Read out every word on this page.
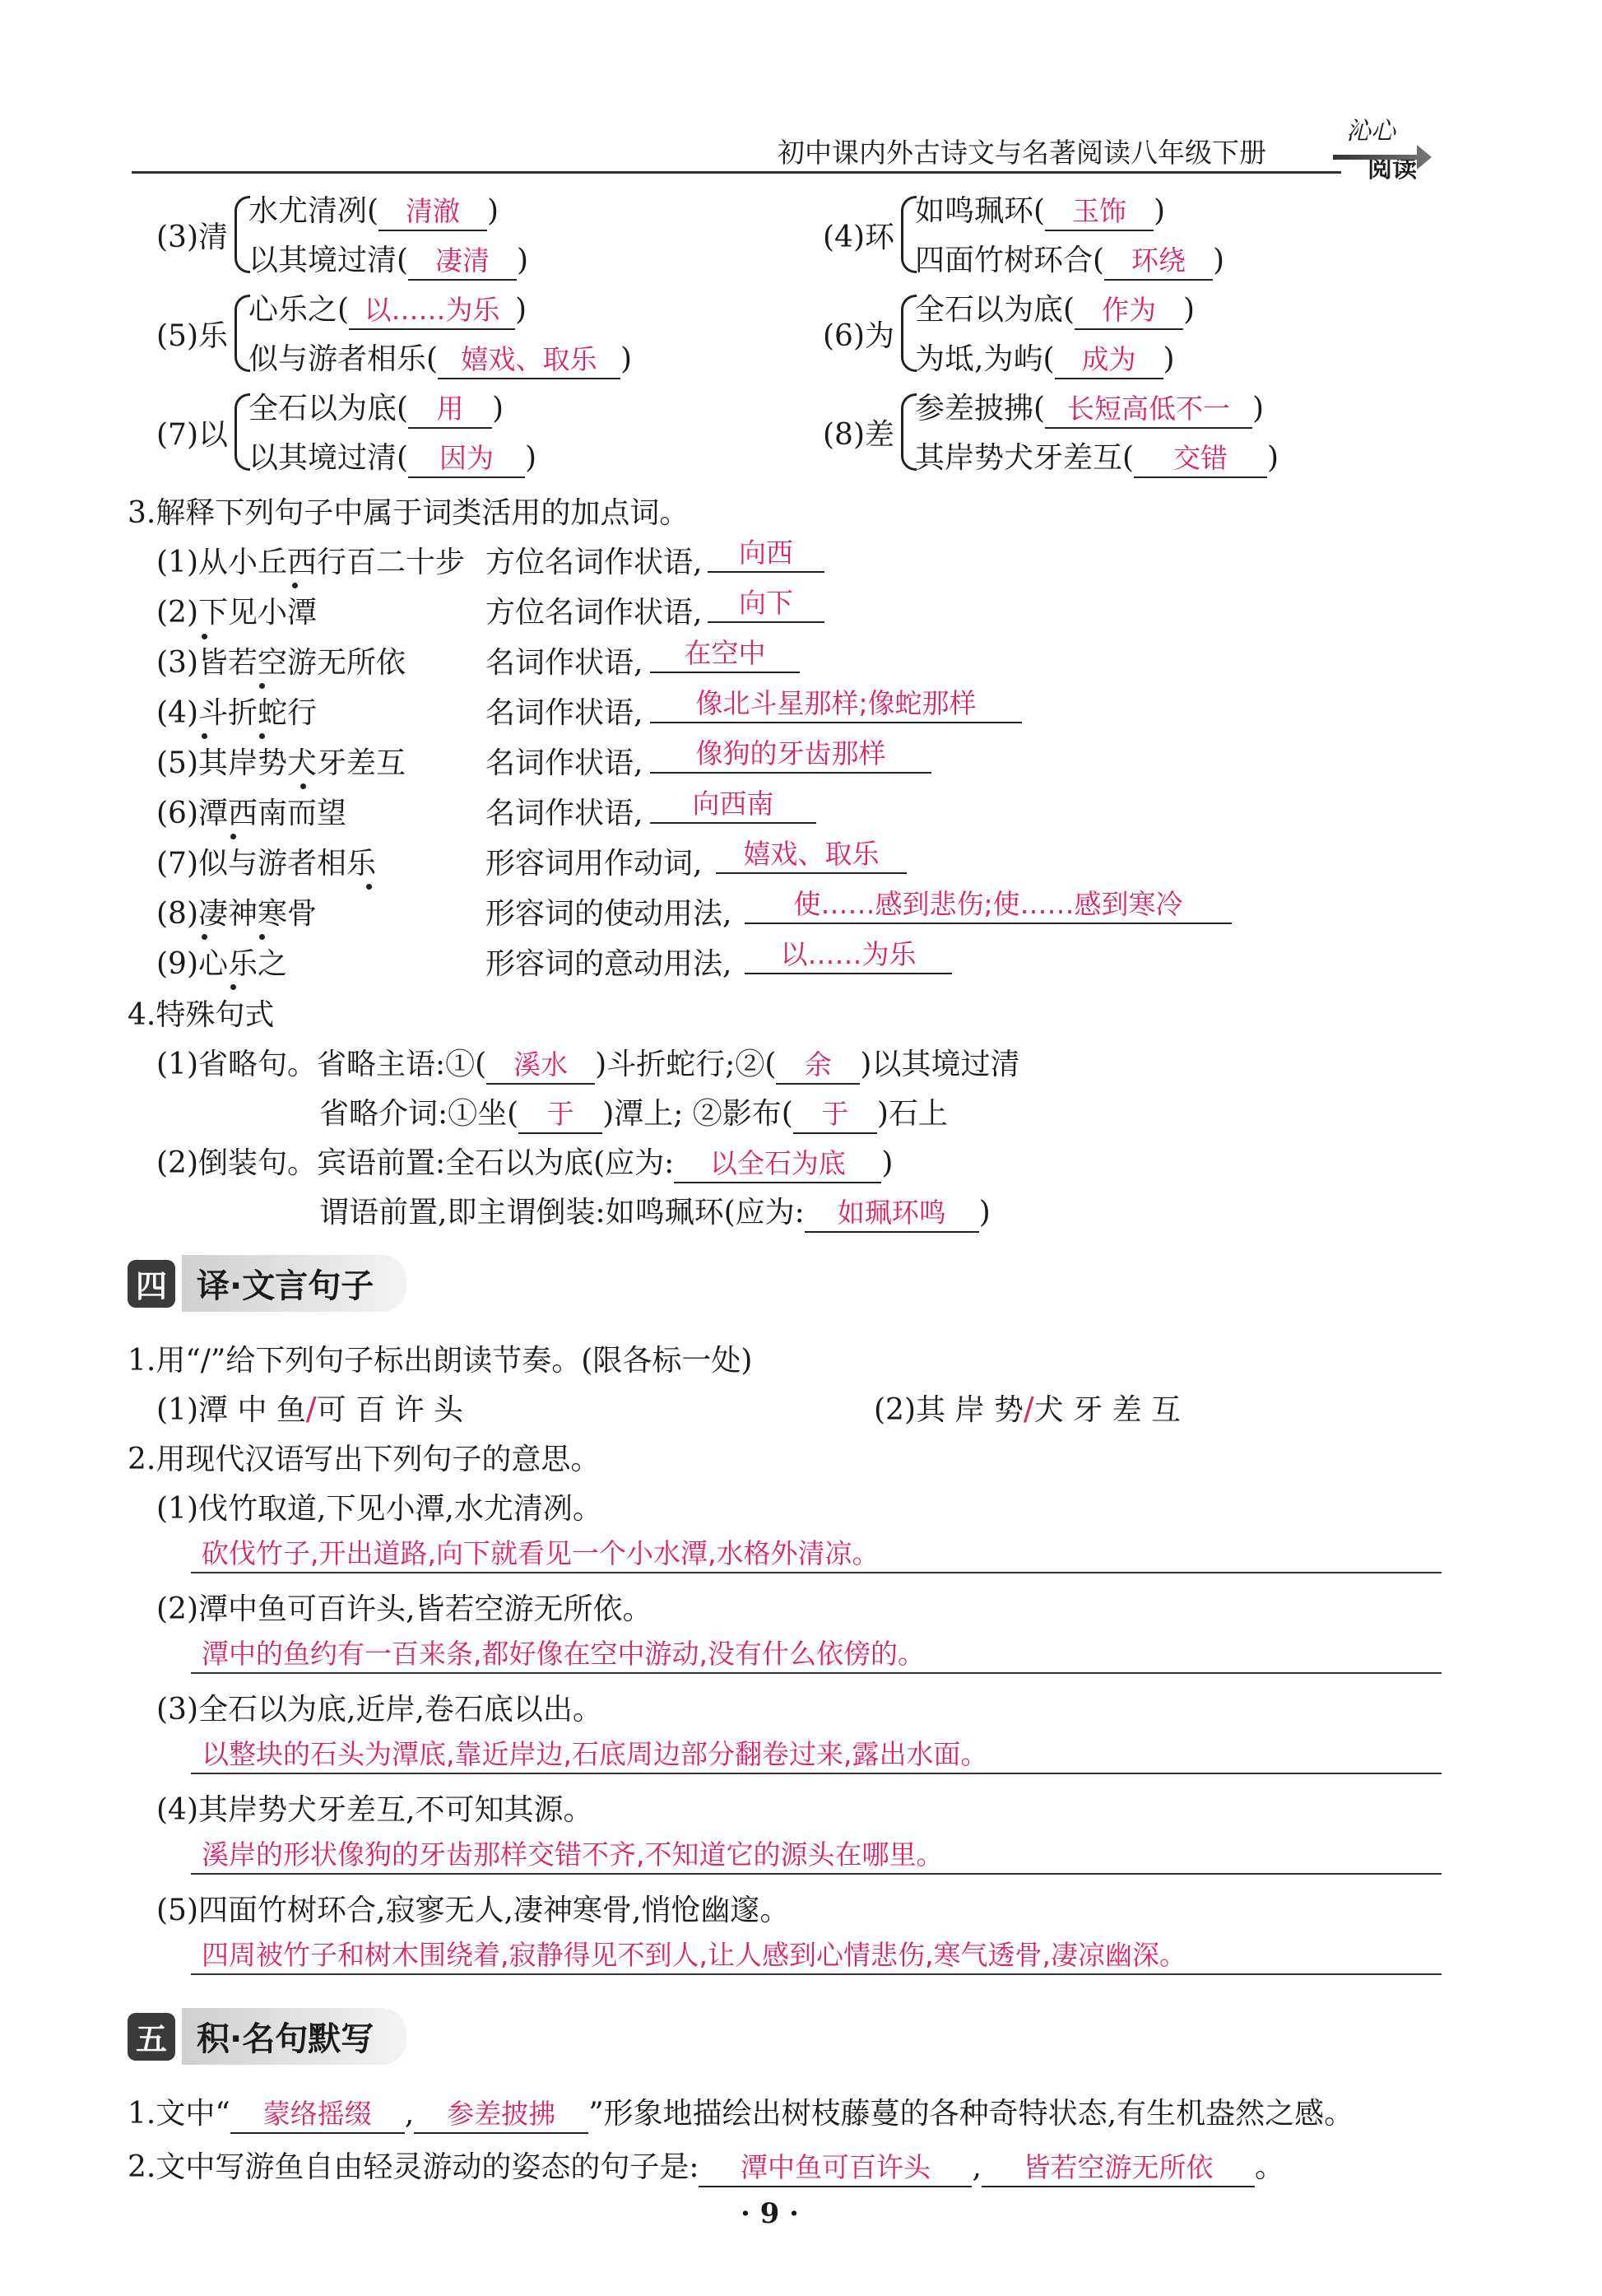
初中课内外古诗文与名著阅读八年级下册
沁心
阅读
(3)清
水尤清冽( 清澈 )
以其境过清( 凄清 )
(5)乐
心乐之( 以……为乐 )
似与游者相乐( 嬉戏、取乐 )
(7)以
全石以为底( 用 )
以其境过清( 因为 )
(4)环
如鸣珮环( 玉饰 )
四面竹树环合( 环绕 )
(6)为
全石以为底( 作为 )
为坻,为屿( 成为 )
(8)差
参差披拂( 长短高低不一 )
其岸势犬牙差互( 交错 )
3.解释下列句子中属于词类活用的加点词。
(1)从小丘西行百二十步 方位名词作状语,	向西
(2)下见小潭	方位名词作状语,	向下
(3)皆若空游无所依	名词作状语,	在空中
(4)斗折蛇行	名词作状语,	像北斗星那样;像蛇那样
(5)其岸势犬牙差互	名词作状语,	像狗的牙齿那样
(6)潭西南而望	名词作状语,	向西南
(7)似与游者相乐	形容词用作动词,	嬉戏、取乐
(8)凄神寒骨	形容词的使动用法,	使……感到悲伤;使……感到寒冷
(9)心乐之	形容词的意动用法,	以……为乐
4.特殊句式
(1)省略句。省略主语:①( 溪水 )斗折蛇行;②( 余 )以其境过清
省略介词:①坐( 于 )潭上; ②影布( 于 )石上
(2)倒装句。宾语前置:全石以为底(应为: 以全石为底 )
谓语前置,即主谓倒装:如鸣珮环(应为: 如珮环鸣 )
四 译·文言句子
1.用“/”给下列句子标出朗读节奏。(限各标一处)
(1)潭 中 鱼/可 百 许 头	(2)其 岸 势/犬 牙 差 互
2.用现代汉语写出下列句子的意思。
(1)伐竹取道,下见小潭,水尤清冽。
砍伐竹子,开出道路,向下就看见一个小水潭,水格外清凉。
(2)潭中鱼可百许头,皆若空游无所依。
潭中的鱼约有一百来条,都好像在空中游动,没有什么依傍的。
(3)全石以为底,近岸,卷石底以出。
以整块的石头为潭底,靠近岸边,石底周边部分翻卷过来,露出水面。
(4)其岸势犬牙差互,不可知其源。
溪岸的形状像狗的牙齿那样交错不齐,不知道它的源头在哪里。
(5)四面竹树环合,寂寥无人,凄神寒骨,悄怆幽邃。
四周被竹子和树木围绕着,寂静得见不到人,让人感到心情悲伤,寒气透骨,凄凉幽深。
五 积·名句默写
1.文中“ 蒙络摇缀 , 参差披拂 ”形象地描绘出树枝藤蔓的各种奇特状态,有生机盎然之感。
2.文中写游鱼自由轻灵游动的姿态的句子是: 潭中鱼可百许头 , 皆若空游无所依 。
· 9 ·
